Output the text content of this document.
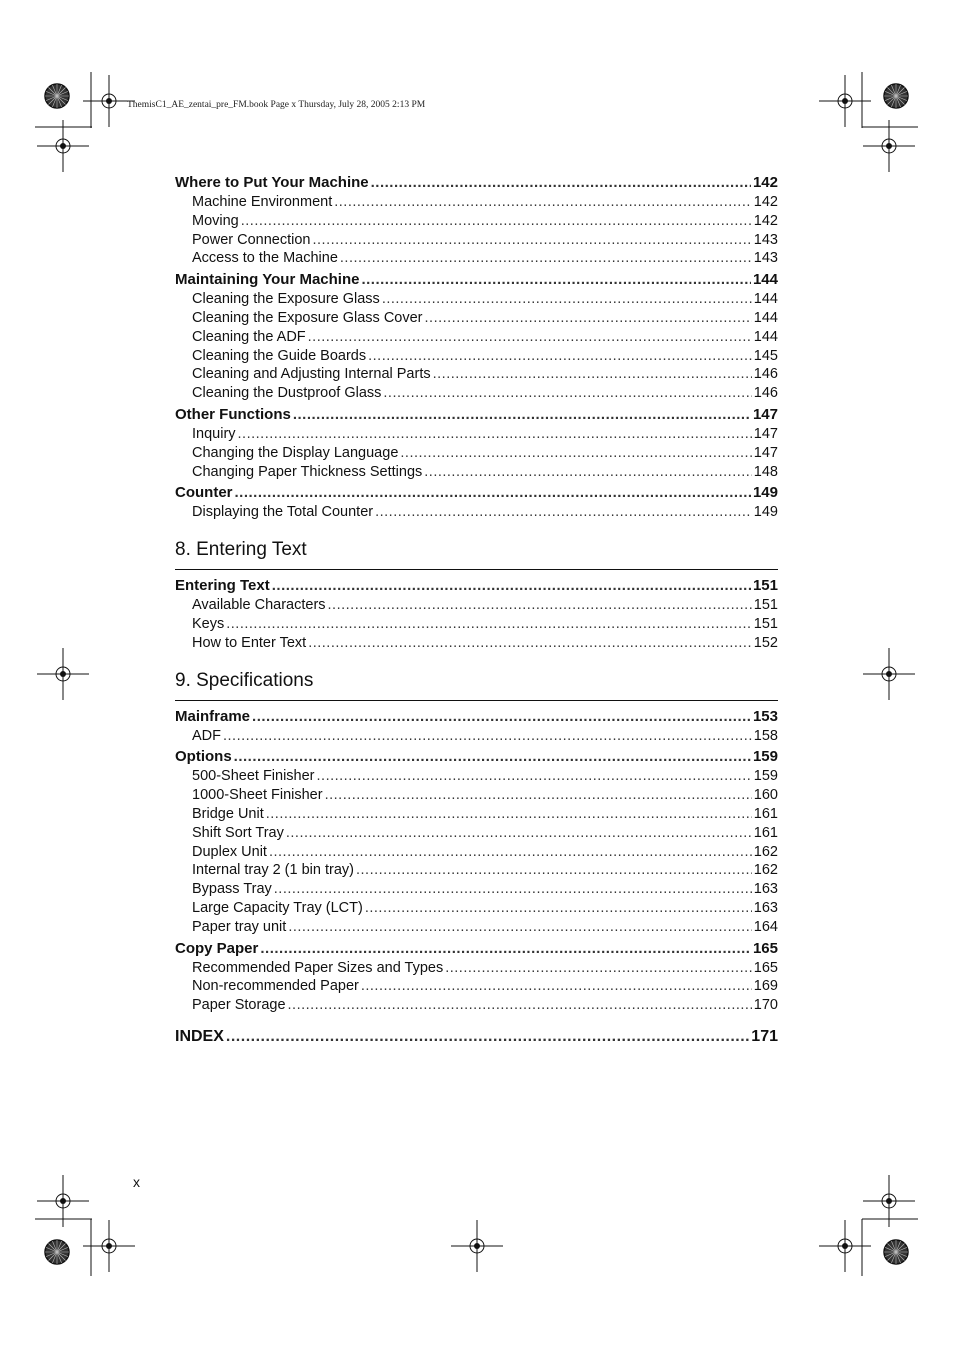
ThemisC1_AE_zentai_pre_FM.book Page x Thursday, July 28, 2005 2:13 PM
Where to Put Your Machine .....	142
Machine Environment .....	142
Moving .....	142
Power Connection .....	143
Access to the Machine .....	143
Maintaining Your Machine .....	144
Cleaning the Exposure Glass .....	144
Cleaning the Exposure Glass Cover .....	144
Cleaning the ADF .....	144
Cleaning the Guide Boards .....	145
Cleaning and Adjusting Internal Parts .....	146
Cleaning the Dustproof Glass .....	146
Other Functions .....	147
Inquiry .....	147
Changing the Display Language .....	147
Changing Paper Thickness Settings .....	148
Counter .....	149
Displaying the Total Counter .....	149
8. Entering Text
Entering Text .....	151
Available Characters .....	151
Keys .....	151
How to Enter Text .....	152
9. Specifications
Mainframe .....	153
ADF .....	158
Options .....	159
500-Sheet Finisher .....	159
1000-Sheet Finisher .....	160
Bridge Unit .....	161
Shift Sort Tray .....	161
Duplex Unit .....	162
Internal tray 2 (1 bin tray) .....	162
Bypass Tray .....	163
Large Capacity Tray (LCT) .....	163
Paper tray unit .....	164
Copy Paper .....	165
Recommended Paper Sizes and Types .....	165
Non-recommended Paper .....	169
Paper Storage .....	170
INDEX .....	171
x
